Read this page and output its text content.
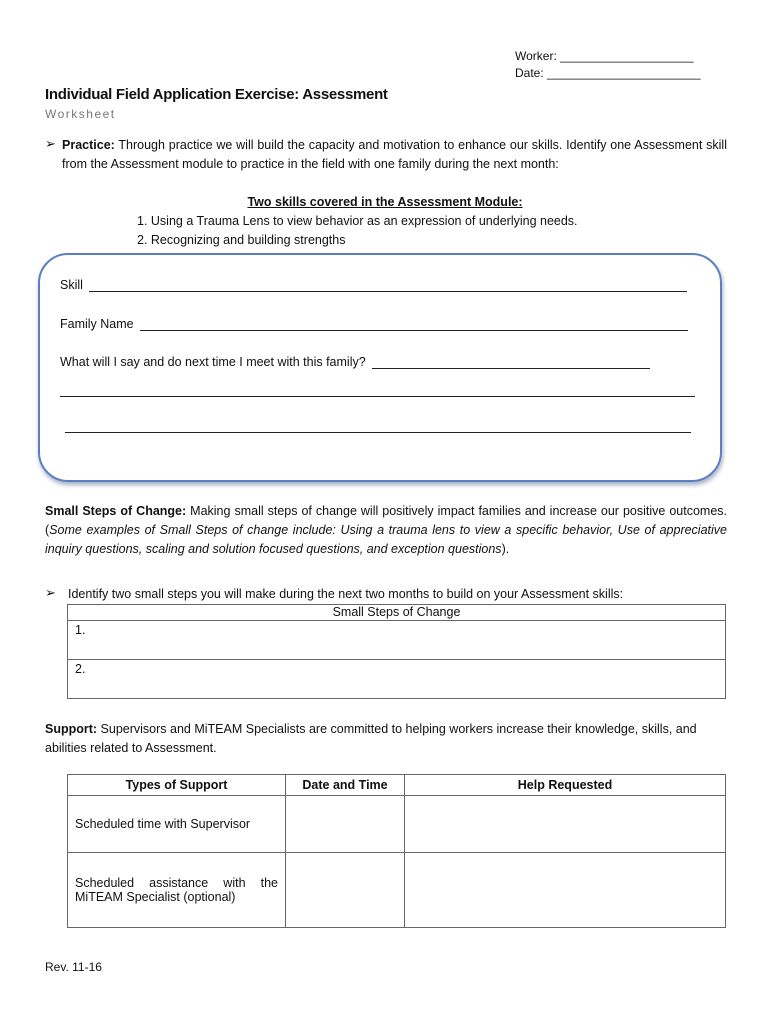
Worker: ____________________
Date: _______________________
Individual Field Application Exercise: Assessment
Worksheet
➢ Practice: Through practice we will build the capacity and motivation to enhance our skills. Identify one Assessment skill from the Assessment module to practice in the field with one family during the next month:
Two skills covered in the Assessment Module:
1. Using a Trauma Lens to view behavior as an expression of underlying needs.
2. Recognizing and building strengths
Skill
Family Name
What will I say and do next time I meet with this family?
Small Steps of Change: Making small steps of change will positively impact families and increase our positive outcomes. (Some examples of Small Steps of change include: Using a trauma lens to view a specific behavior, Use of appreciative inquiry questions, scaling and solution focused questions, and exception questions).
➢ Identify two small steps you will make during the next two months to build on your Assessment skills:
Small Steps of Change
1.
2.
Support: Supervisors and MiTEAM Specialists are committed to helping workers increase their knowledge, skills, and abilities related to Assessment.
Types of Support	Date and Time	Help Requested
Scheduled time with Supervisor		
Scheduled assistance with the MiTEAM Specialist (optional)		
Rev. 11-16
